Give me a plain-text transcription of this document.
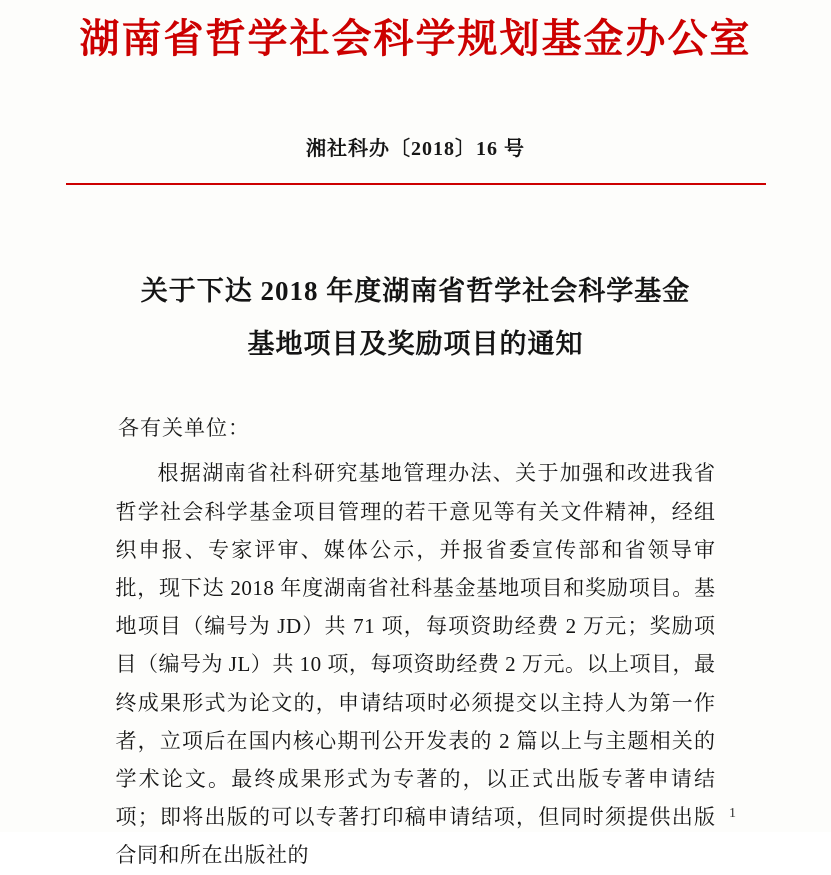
湖南省哲学社会科学规划基金办公室
湘社科办〔2018〕16 号
关于下达 2018 年度湖南省哲学社会科学基金
基地项目及奖励项目的通知
各有关单位：

根据湖南省社科研究基地管理办法、关于加强和改进我省哲学社会科学基金项目管理的若干意见等有关文件精神，经组织申报、专家评审、媒体公示，并报省委宣传部和省领导审批，现下达 2018 年度湖南省社科基金基地项目和奖励项目。基地项目（编号为 JD）共 71 项，每项资助经费 2 万元；奖励项目（编号为 JL）共 10 项，每项资助经费 2 万元。以上项目，最终成果形式为论文的，申请结项时必须提交以主持人为第一作者，立项后在国内核心期刊公开发表的 2 篇以上与主题相关的学术论文。最终成果形式为专著的，以正式出版专著申请结项；即将出版的可以专著打印稿申请结项，但同时须提供出版合同和所在出版社的

1
